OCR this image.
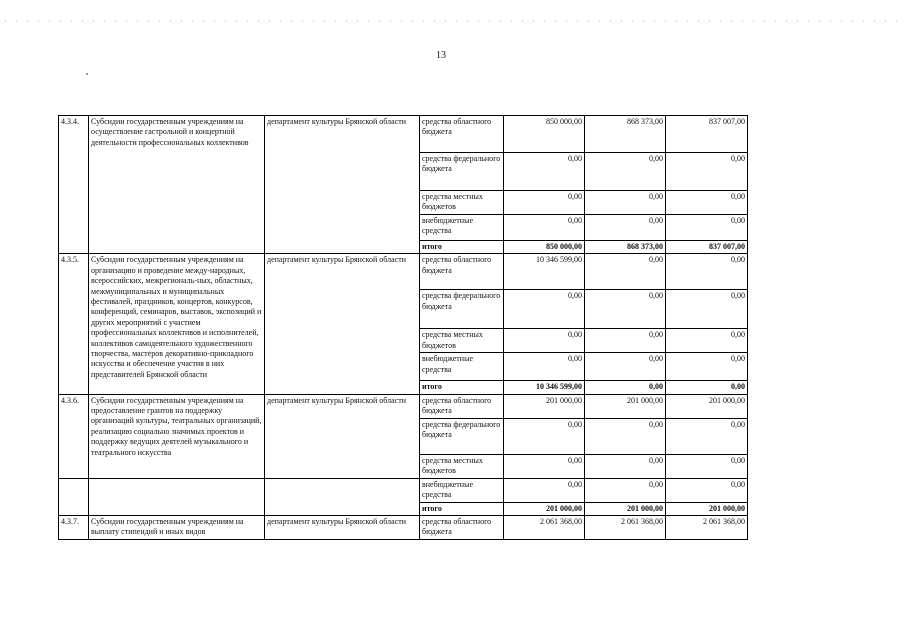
13
4.3.4.	Субсидии государственным учреждениям на осуществление гастрольной и концертной деятельности профессиональных коллективов	департамент культуры Брянской области	средства областного бюджета	850 000,00	868 373,00	837 007,00
			средства федерального бюджета	0,00	0,00	0,00
			средства местных бюджетов	0,00	0,00	0,00
			внебюджетные средства	0,00	0,00	0,00
			итого	850 000,00	868 373,00	837 007,00
4.3.5.	Субсидии государственным учреждениям на организацию и проведение между-народных, всероссийских, межрегиональ-ных, областных, межмуниципальных и муниципальных фестивалей, праздников, концертов, конкурсов, конференций, семинаров, выставок, экспозиций и других мероприятий с участием профессиональных коллективов и исполнителей, коллективов самодеятельного художественного творчества, мастеров декоративно-прикладного искусства и обеспечение участия в них представителей Брянской области	департамент культуры Брянской области	средства областного бюджета	10 346 599,00	0,00	0,00
			средства федерального бюджета	0,00	0,00	0,00
			средства местных бюджетов	0,00	0,00	0,00
			внебюджетные средства	0,00	0,00	0,00
			итого	10 346 599,00	0,00	0,00
4.3.6.	Субсидии государственным учреждениям на предоставление грантов на поддержку организаций культуры, театральных организаций, реализацию социально значимых проектов и поддержку ведущих деятелей музыкального и театрального искусства	департамент культуры Брянской области	средства областного бюджета	201 000,00	201 000,00	201 000,00
			средства федерального бюджета	0,00	0,00	0,00
			средства местных бюджетов	0,00	0,00	0,00
			внебюджетные средства	0,00	0,00	0,00
			итого	201 000,00	201 000,00	201 000,00
4.3.7.	Субсидии государственным учреждениям на выплату стипендий и иных видов	департамент культуры Брянской области	средства областного бюджета	2 061 368,00	2 061 368,00	2 061 368,00
